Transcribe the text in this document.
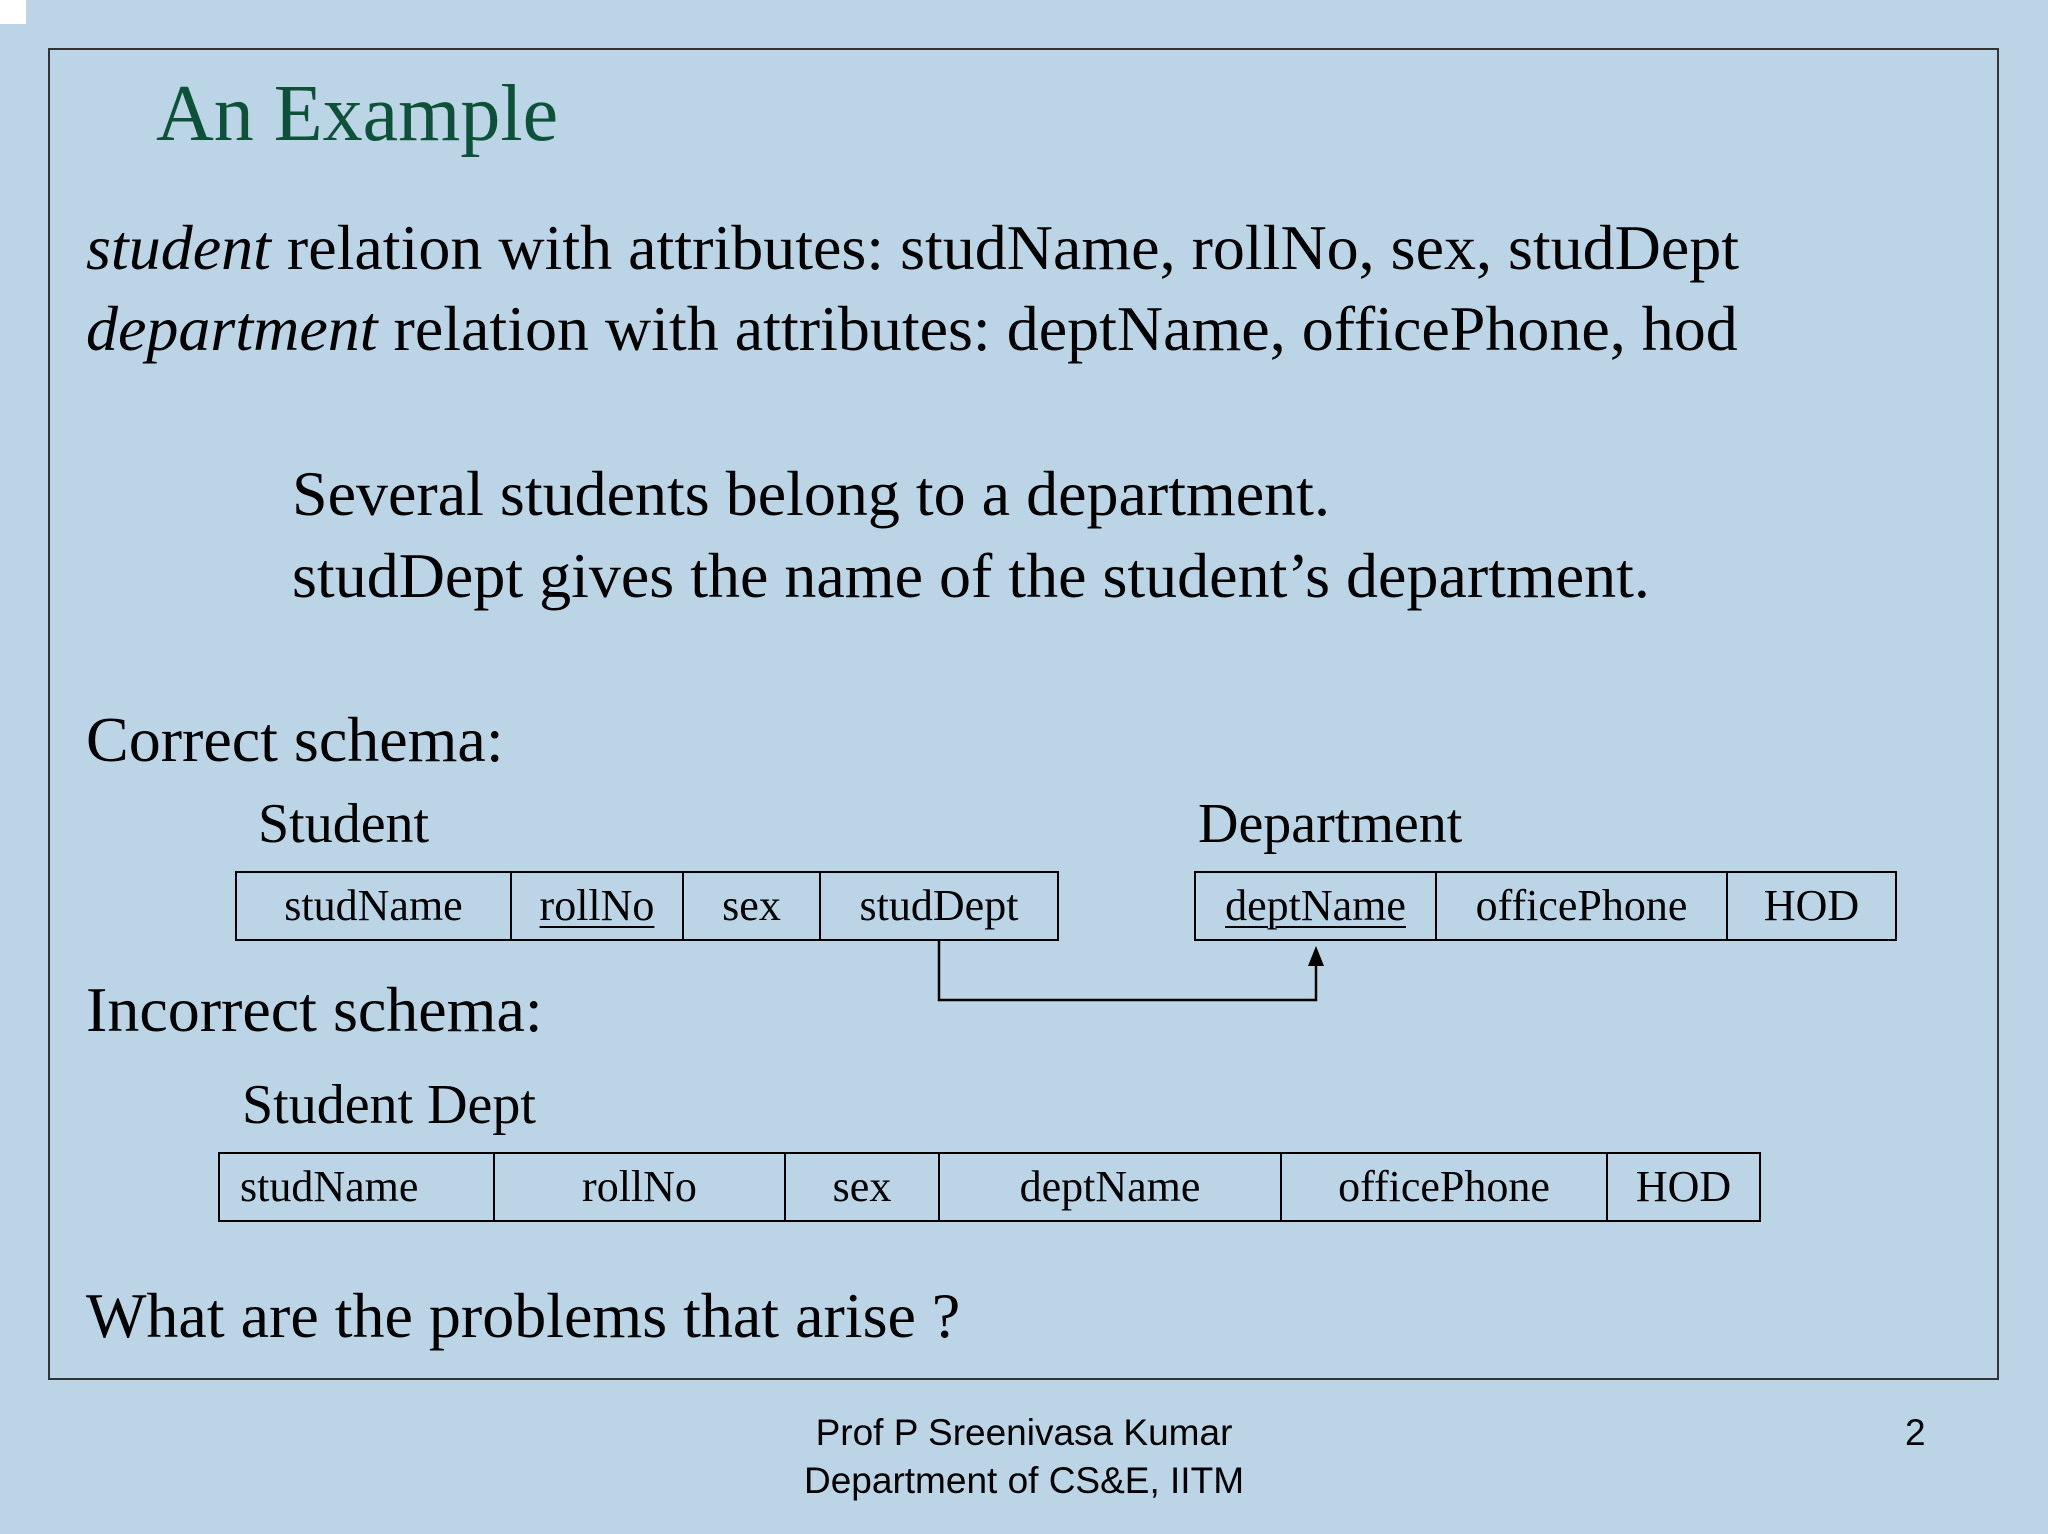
An Example
student relation with attributes: studName, rollNo, sex, studDept
department relation with attributes: deptName, officePhone, hod
Several students belong to a department.
studDept gives the name of the student’s department.
Correct schema:
Student	Department
studName	rollNo	sex	studDept	deptName	officePhone	HOD
Incorrect schema:
Student Dept
studName	rollNo	sex	deptName	officePhone	HOD
What are the problems that arise ?
Prof P Sreenivasa Kumar
Department of CS&E, IITM
2
